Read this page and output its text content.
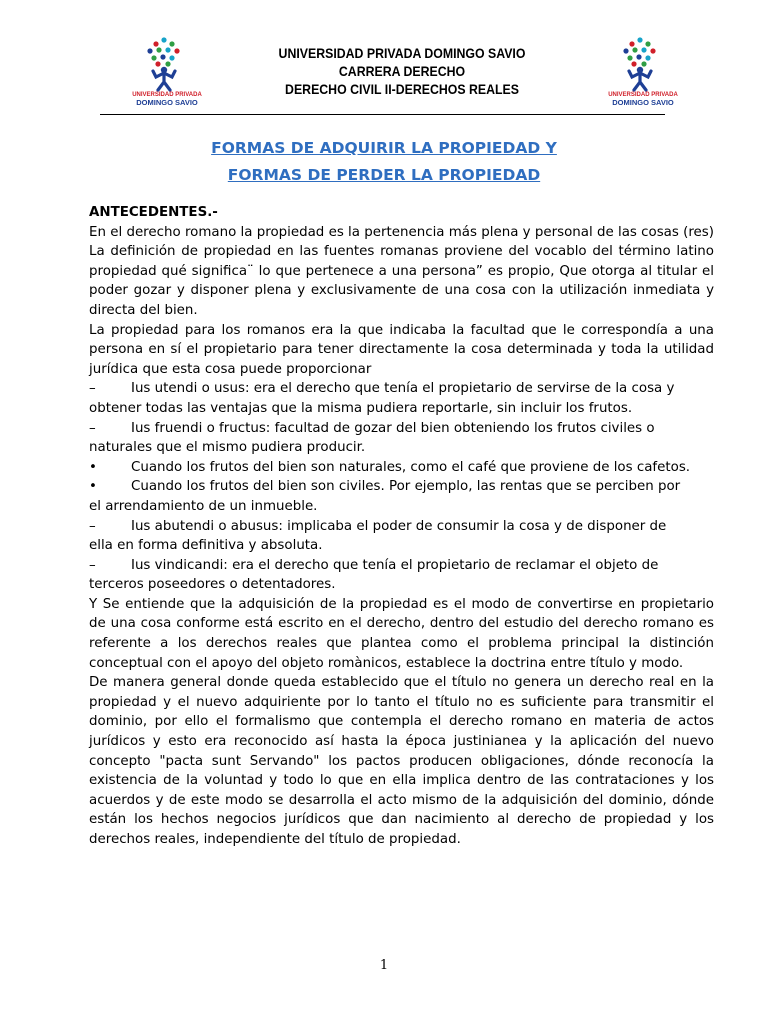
UNIVERSIDAD PRIVADA
DOMINGO SAVIO
UNIVERSIDAD PRIVADA DOMINGO SAVIO
CARRERA DERECHO
DERECHO CIVIL II-DERECHOS REALES	UNIVERSIDAD PRIVADA
DOMINGO SAVIO
FORMAS DE ADQUIRIR LA PROPIEDAD Y
FORMAS DE PERDER LA PROPIEDAD

ANTECEDENTES.-

En el derecho romano la propiedad es la pertenencia más plena y personal de las cosas (res) La definición de propiedad en las fuentes romanas proviene del vocablo del término latino propiedad qué significa¨ lo que pertenece a una persona” es propio, Que otorga al titular el poder gozar y disponer plena y exclusivamente de una cosa con la utilización inmediata y directa del bien.

La propiedad para los romanos era la que indicaba la facultad que le correspondía a una persona en sí el propietario para tener directamente la cosa determinada y toda la utilidad jurídica que esta cosa puede proporcionar

–	Ius utendi o usus: era el derecho que tenía el propietario de servirse de la cosa y
obtener todas las ventajas que la misma pudiera reportarle, sin incluir los frutos.
–	Ius fruendi o fructus: facultad de gozar del bien obteniendo los frutos civiles o
naturales que el mismo pudiera producir.
•	Cuando los frutos del bien son naturales, como el café que proviene de los cafetos.
•	Cuando los frutos del bien son civiles. Por ejemplo, las rentas que se perciben por
el arrendamiento de un inmueble.
–	Ius abutendi o abusus: implicaba el poder de consumir la cosa y de disponer de
ella en forma definitiva y absoluta.
–	Ius vindicandi: era el derecho que tenía el propietario de reclamar el objeto de
terceros poseedores o detentadores.

Y Se entiende que la adquisición de la propiedad es el modo de convertirse en propietario de una cosa conforme está escrito en el derecho, dentro del estudio del derecho romano es referente a los derechos reales que plantea como el problema principal la distinción conceptual con el apoyo del objeto romànicos, establece la doctrina entre título y modo.

De manera general donde queda establecido que el título no genera un derecho real en la propiedad y el nuevo adquiriente por lo tanto el título no es suficiente para transmitir el dominio, por ello el formalismo que contempla el derecho romano en materia de actos jurídicos y esto era reconocido así hasta la época justinianea y la aplicación del nuevo concepto "pacta sunt Servando" los pactos producen obligaciones, dónde reconocía la existencia de la voluntad y todo lo que en ella implica dentro de las contrataciones y los acuerdos y de este modo se desarrolla el acto mismo de la adquisición del dominio, dónde están los hechos negocios jurídicos que dan nacimiento al derecho de propiedad y los derechos reales, independiente del título de propiedad.

1
